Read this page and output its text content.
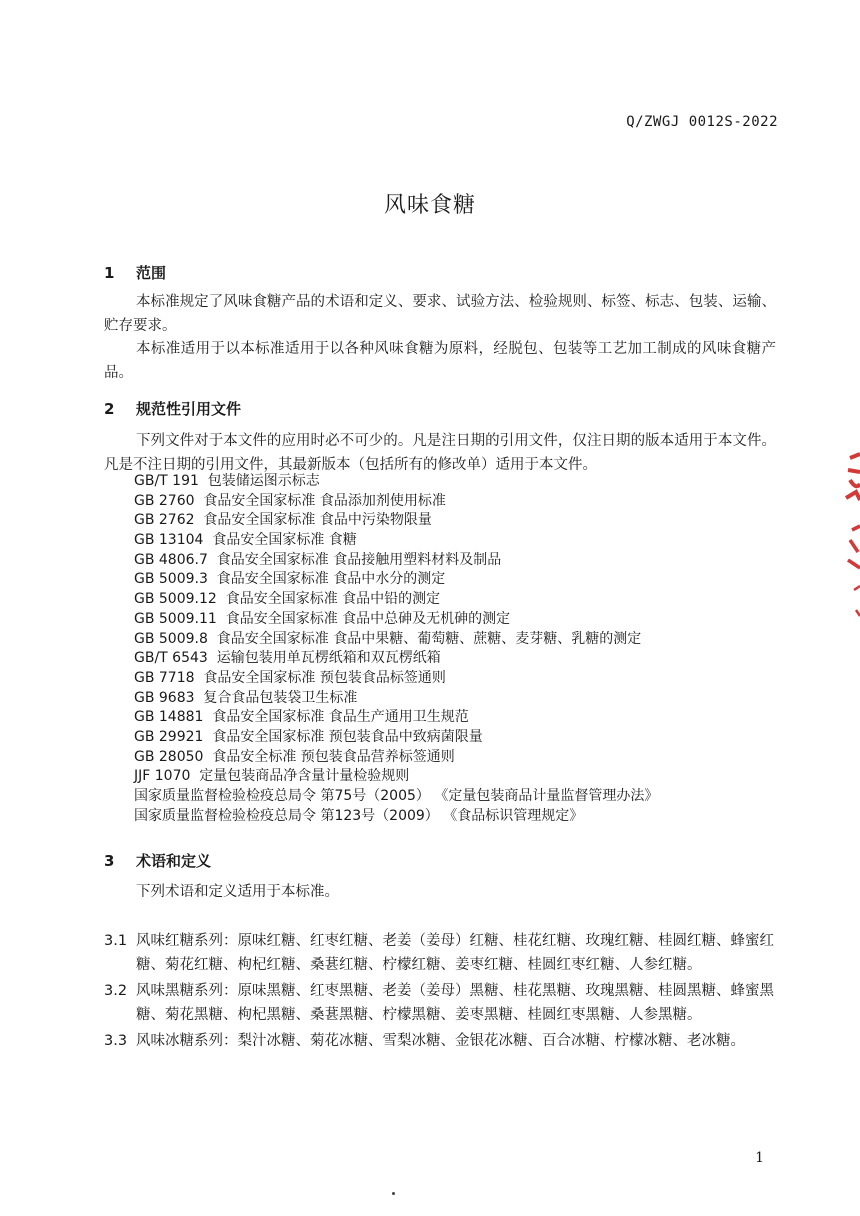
Q/ZWGJ 0012S-2022
风味食糖
1 范围
本标准规定了风味食糖产品的术语和定义、要求、试验方法、检验规则、标签、标志、包装、运输、贮存要求。
本标准适用于以本标准适用于以各种风味食糖为原料，经脱包、包装等工艺加工制成的风味食糖产品。
2 规范性引用文件
下列文件对于本文件的应用时必不可少的。凡是注日期的引用文件，仅注日期的版本适用于本文件。凡是不注日期的引用文件，其最新版本（包括所有的修改单）适用于本文件。
GB/T 191  包装储运图示标志
GB 2760  食品安全国家标准 食品添加剂使用标准
GB 2762  食品安全国家标准 食品中污染物限量
GB 13104  食品安全国家标准 食糖
GB 4806.7  食品安全国家标准 食品接触用塑料材料及制品
GB 5009.3  食品安全国家标准 食品中水分的测定
GB 5009.12  食品安全国家标准 食品中铅的测定
GB 5009.11  食品安全国家标准 食品中总砷及无机砷的测定
GB 5009.8  食品安全国家标准 食品中果糖、葡萄糖、蔗糖、麦芽糖、乳糖的测定
GB/T 6543  运输包装用单瓦楞纸箱和双瓦楞纸箱
GB 7718  食品安全国家标准 预包装食品标签通则
GB 9683  复合食品包装袋卫生标准
GB 14881  食品安全国家标准 食品生产通用卫生规范
GB 29921  食品安全国家标准 预包装食品中致病菌限量
GB 28050  食品安全标准 预包装食品营养标签通则
JJF 1070  定量包装商品净含量计量检验规则
国家质量监督检验检疫总局令 第75号（2005） 《定量包装商品计量监督管理办法》
国家质量监督检验检疫总局令 第123号（2009） 《食品标识管理规定》
3 术语和定义
下列术语和定义适用于本标准。
3.1 风味红糖系列：原味红糖、红枣红糖、老姜（姜母）红糖、桂花红糖、玫瑰红糖、桂圆红糖、蜂蜜红糖、菊花红糖、枸杞红糖、桑葚红糖、柠檬红糖、姜枣红糖、桂圆红枣红糖、人参红糖。
3.2 风味黑糖系列：原味黑糖、红枣黑糖、老姜（姜母）黑糖、桂花黑糖、玫瑰黑糖、桂圆黑糖、蜂蜜黑糖、菊花黑糖、枸杞黑糖、桑葚黑糖、柠檬黑糖、姜枣黑糖、桂圆红枣黑糖、人参黑糖。
3.3 风味冰糖系列：梨汁冰糖、菊花冰糖、雪梨冰糖、金银花冰糖、百合冰糖、柠檬冰糖、老冰糖。
1
